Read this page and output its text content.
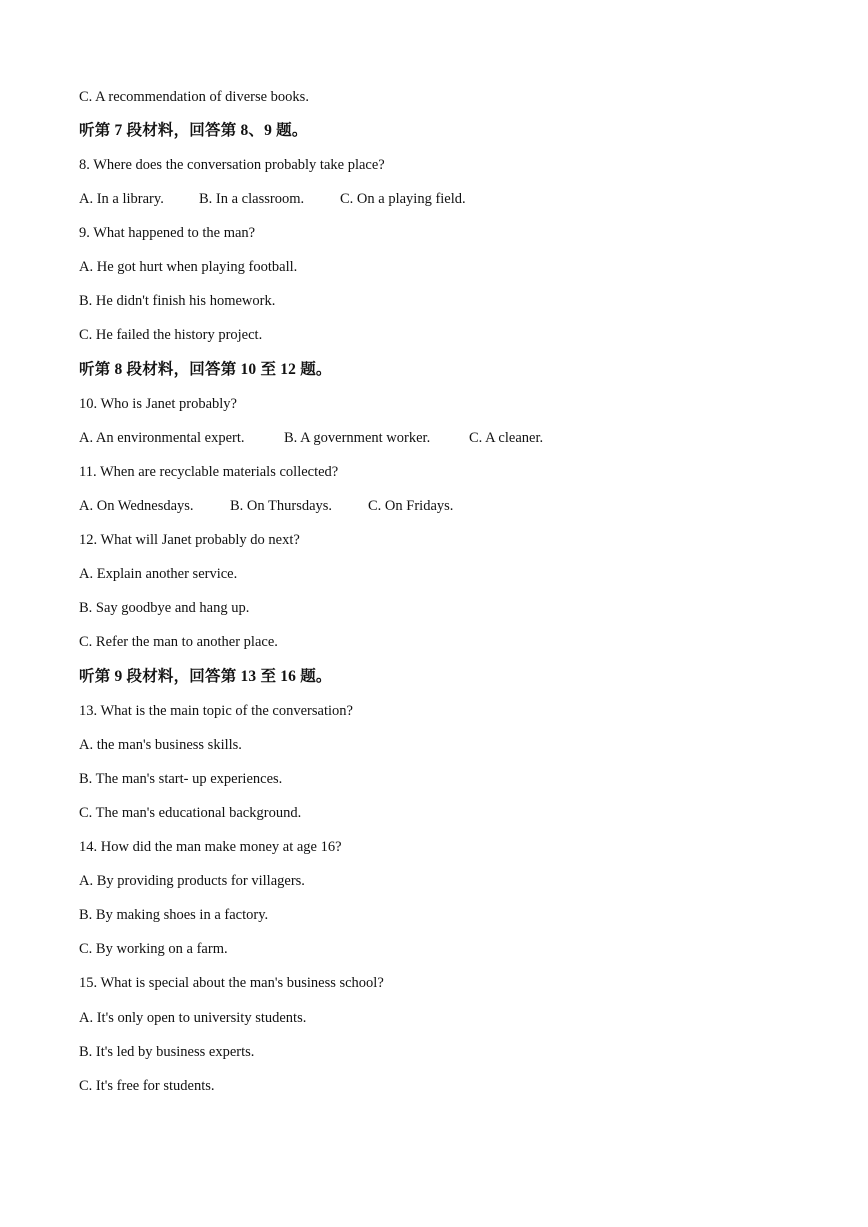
C. A recommendation of diverse books.
听第 7 段材料，回答第 8、9 题。
8. Where does the conversation probably take place?
A. In a library. B. In a classroom. C. On a playing field.
9. What happened to the man?
A. He got hurt when playing football.
B. He didn't finish his homework.
C. He failed the history project.
听第 8 段材料，回答第 10 至 12 题。
10. Who is Janet probably?
A. An environmental expert.	B. A government worker.	C. A cleaner.
11. When are recyclable materials collected?
A. On Wednesdays.	B. On Thursdays. C. On Fridays.
12. What will Janet probably do next?
A. Explain another service.
B. Say goodbye and hang up.
C. Refer the man to another place.
听第 9 段材料，回答第 13 至 16 题。
13. What is the main topic of the conversation?
A. the man's business skills.
B. The man's start- up experiences.
C. The man's educational background.
14. How did the man make money at age 16?
A. By providing products for villagers.
B. By making shoes in a factory.
C. By working on a farm.
15. What is special about the man's business school?
A. It's only open to university students.
B. It's led by business experts.
C. It's free for students.
